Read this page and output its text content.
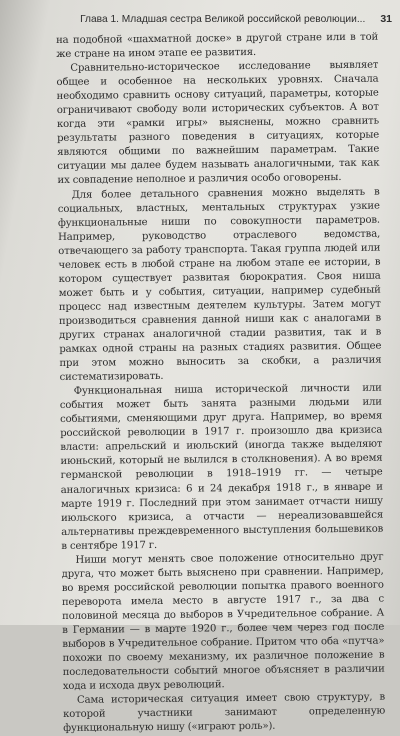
Глава 1. Младшая сестра Великой российской революции... 31

на подобной «шахматной доске» в другой стране или в той же стране на ином этапе ее развития.

Сравнительно-историческое исследование выявляет общее и особенное на нескольких уровнях. Сначала необходимо сравнить основу ситуаций, параметры, которые ограничивают свободу воли исторических субъектов. А вот когда эти «рамки игры» выяснены, можно сравнить результаты разного поведения в ситуациях, которые являются общими по важнейшим параметрам. Такие ситуации мы далее будем называть аналогичными, так как их совпадение неполное и различия особо оговорены.

Для более детального сравнения можно выделять в социальных, властных, ментальных структурах узкие функциональные ниши по совокупности параметров. Например, руководство отраслевого ведомства, отвечающего за работу транспорта. Такая группа людей или человек есть в любой стране на любом этапе ее истории, в котором существует развитая бюрократия. Своя ниша может быть и у события, ситуации, например судебный процесс над известным деятелем культуры. Затем могут производиться сравнения данной ниши как с аналогами в других странах аналогичной стадии развития, так и в рамках одной страны на разных стадиях развития. Общее при этом можно выносить за скобки, а различия систематизировать.

Функциональная ниша исторической личности или события может быть занята разными людьми или событиями, сменяющими друг друга. Например, во время российской революции в 1917 г. произошло два кризиса власти: апрельский и июльский (иногда также выделяют июньский, который не вылился в столкновения). А во время германской революции в 1918–1919 гг. — четыре аналогичных кризиса: 6 и 24 декабря 1918 г., в январе и марте 1919 г. Последний при этом занимает отчасти нишу июльского кризиса, а отчасти — нереализовавшейся альтернативы преждевременного выступления большевиков в сентябре 1917 г.

Ниши могут менять свое положение относительно друг друга, что может быть выяснено при сравнении. Например, во время российской революции попытка правого военного переворота имела место в августе 1917 г., за два с половиной месяца до выборов в Учредительное собрание. А в Германии — в марте 1920 г., более чем через год после выборов в Учредительное собрание. Притом что оба «путча» похожи по своему механизму, их различное положение в последовательности событий многое объясняет в различии хода и исхода двух революций.

Сама историческая ситуация имеет свою структуру, в которой участники занимают определенную функциональную нишу («играют роль»).
